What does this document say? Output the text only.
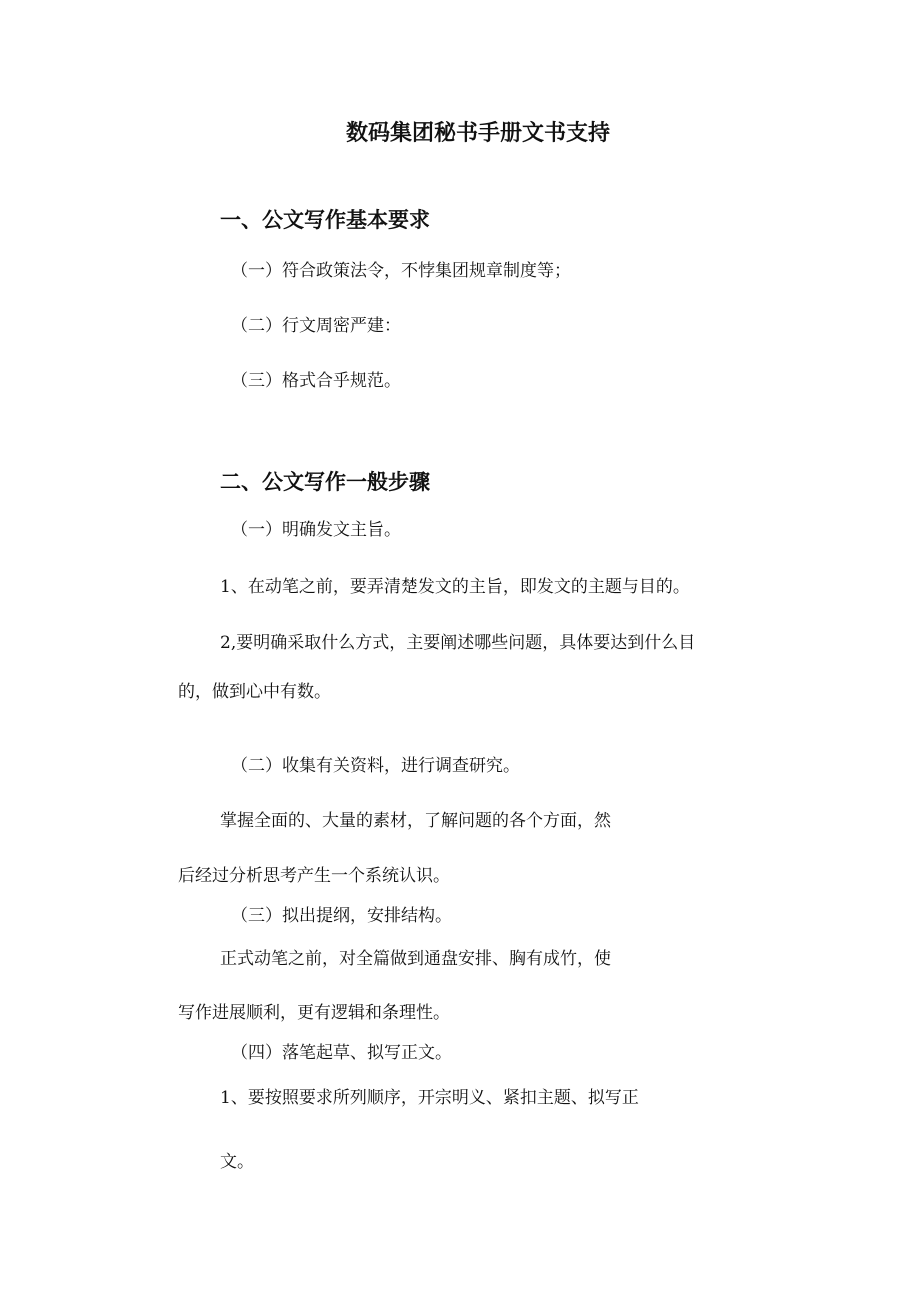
数码集团秘书手册文书支持
一、公文写作基本要求
（一）符合政策法令，不悖集团规章制度等；
（二）行文周密严建：
（三）格式合乎规范。
二、公文写作一般步骤
（一）明确发文主旨。
1、在动笔之前，要弄清楚发文的主旨，即发文的主题与目的。
2,要明确采取什么方式，主要阐述哪些问题，具体要达到什么目
的，做到心中有数。
（二）收集有关资料，进行调查研究。
掌握全面的、大量的素材，了解问题的各个方面，然
后经过分析思考产生一个系统认识。
（三）拟出提纲，安排结构。
正式动笔之前，对全篇做到通盘安排、胸有成竹，使
写作进展顺利，更有逻辑和条理性。
（四）落笔起草、拟写正文。
1、要按照要求所列顺序，开宗明义、紧扣主题、拟写正
文。
